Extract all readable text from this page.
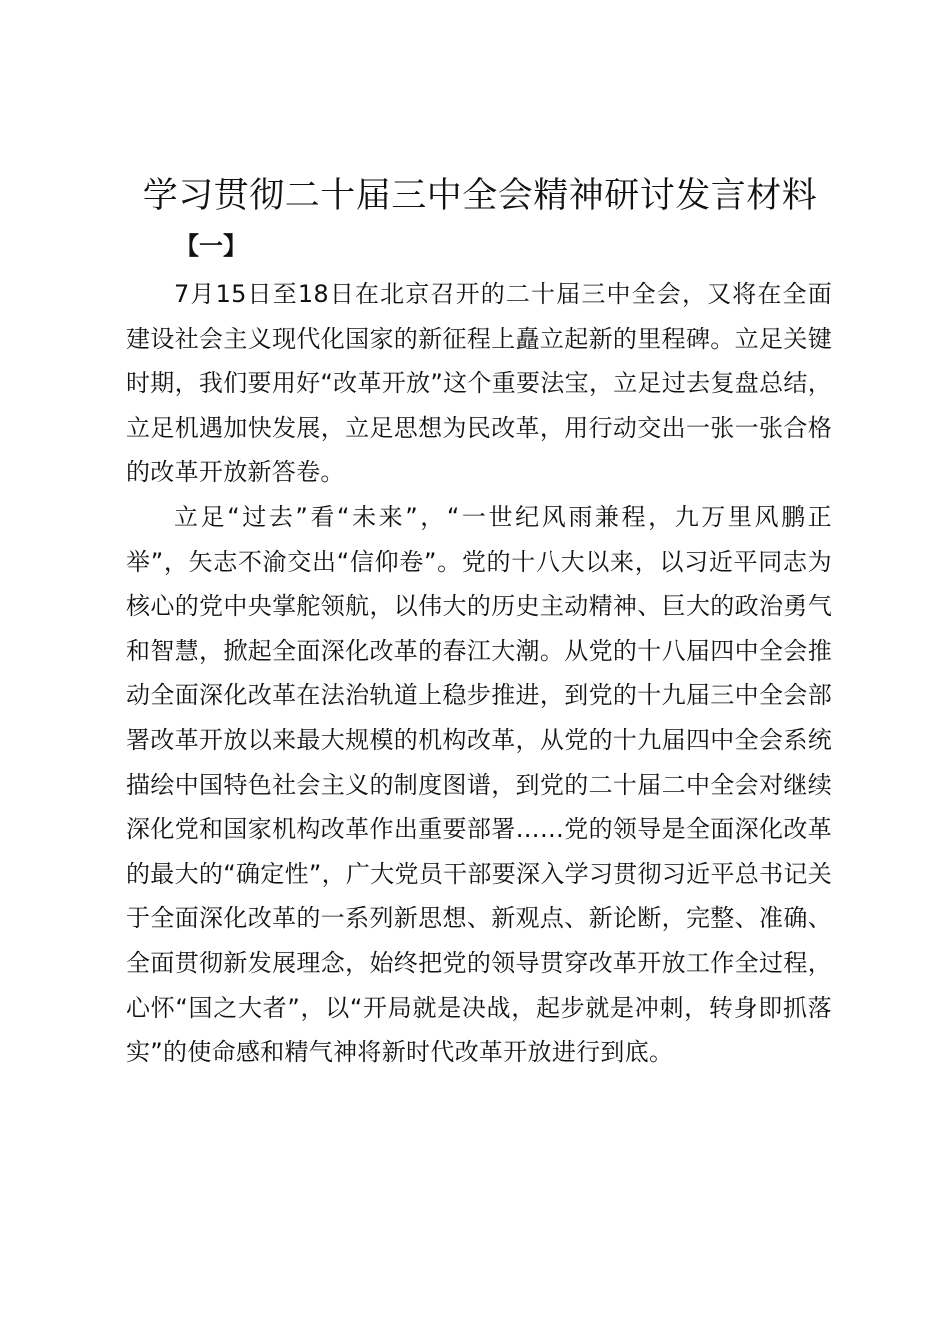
学习贯彻二十届三中全会精神研讨发言材料
【一】

7月15日至18日在北京召开的二十届三中全会，又将在全面建设社会主义现代化国家的新征程上矗立起新的里程碑。立足关键时期，我们要用好“改革开放”这个重要法宝，立足过去复盘总结，立足机遇加快发展，立足思想为民改革，用行动交出一张一张合格的改革开放新答卷。

立足“过去”看“未来”，“一世纪风雨兼程，九万里风鹏正举”，矢志不渝交出“信仰卷”。党的十八大以来，以习近平同志为核心的党中央掌舵领航，以伟大的历史主动精神、巨大的政治勇气和智慧，掀起全面深化改革的春江大潮。从党的十八届四中全会推动全面深化改革在法治轨道上稳步推进，到党的十九届三中全会部署改革开放以来最大规模的机构改革，从党的十九届四中全会系统描绘中国特色社会主义的制度图谱，到党的二十届二中全会对继续深化党和国家机构改革作出重要部署……党的领导是全面深化改革的最大的“确定性”，广大党员干部要深入学习贯彻习近平总书记关于全面深化改革的一系列新思想、新观点、新论断，完整、准确、全面贯彻新发展理念，始终把党的领导贯穿改革开放工作全过程，心怀“国之大者”，以“开局就是决战，起步就是冲刺，转身即抓落实”的使命感和精气神将新时代改革开放进行到底。
